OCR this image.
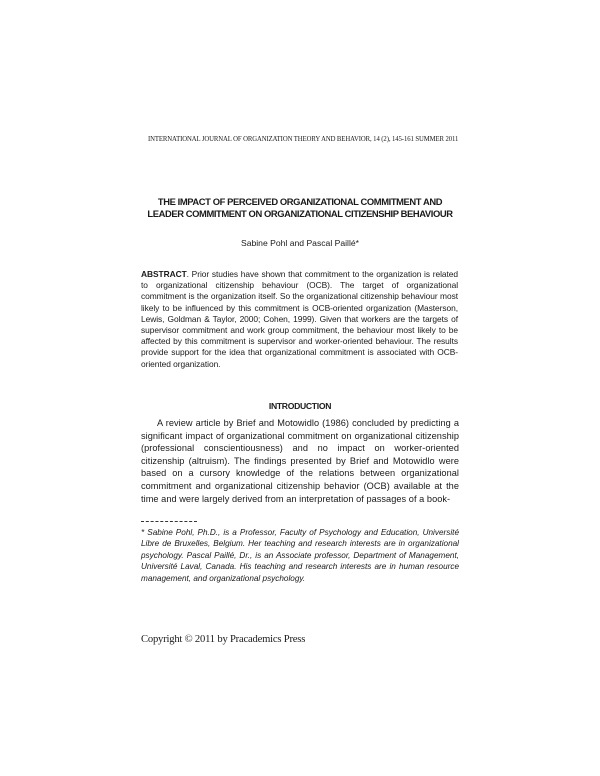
INTERNATIONAL JOURNAL OF ORGANIZATION THEORY AND BEHAVIOR, 14 (2), 145-161 SUMMER 2011
THE IMPACT OF PERCEIVED ORGANIZATIONAL COMMITMENT AND LEADER COMMITMENT ON ORGANIZATIONAL CITIZENSHIP BEHAVIOUR
Sabine Pohl and Pascal Paillé*
ABSTRACT. Prior studies have shown that commitment to the organization is related to organizational citizenship behaviour (OCB). The target of organizational commitment is the organization itself. So the organizational citizenship behaviour most likely to be influenced by this commitment is OCB-oriented organization (Masterson, Lewis, Goldman & Taylor, 2000; Cohen, 1999). Given that workers are the targets of supervisor commitment and work group commitment, the behaviour most likely to be affected by this commitment is supervisor and worker-oriented behaviour. The results provide support for the idea that organizational commitment is associated with OCB-oriented organization.
INTRODUCTION
A review article by Brief and Motowidlo (1986) concluded by predicting a significant impact of organizational commitment on organizational citizenship (professional conscientiousness) and no impact on worker-oriented citizenship (altruism). The findings presented by Brief and Motowidlo were based on a cursory knowledge of the relations between organizational commitment and organizational citizenship behavior (OCB) available at the time and were largely derived from an interpretation of passages of a book-
* Sabine Pohl, Ph.D., is a Professor, Faculty of Psychology and Education, Université Libre de Bruxelles, Belgium. Her teaching and research interests are in organizational psychology. Pascal Paillé, Dr., is an Associate professor, Department of Management, Université Laval, Canada. His teaching and research interests are in human resource management, and organizational psychology.
Copyright © 2011 by Pracademics Press
